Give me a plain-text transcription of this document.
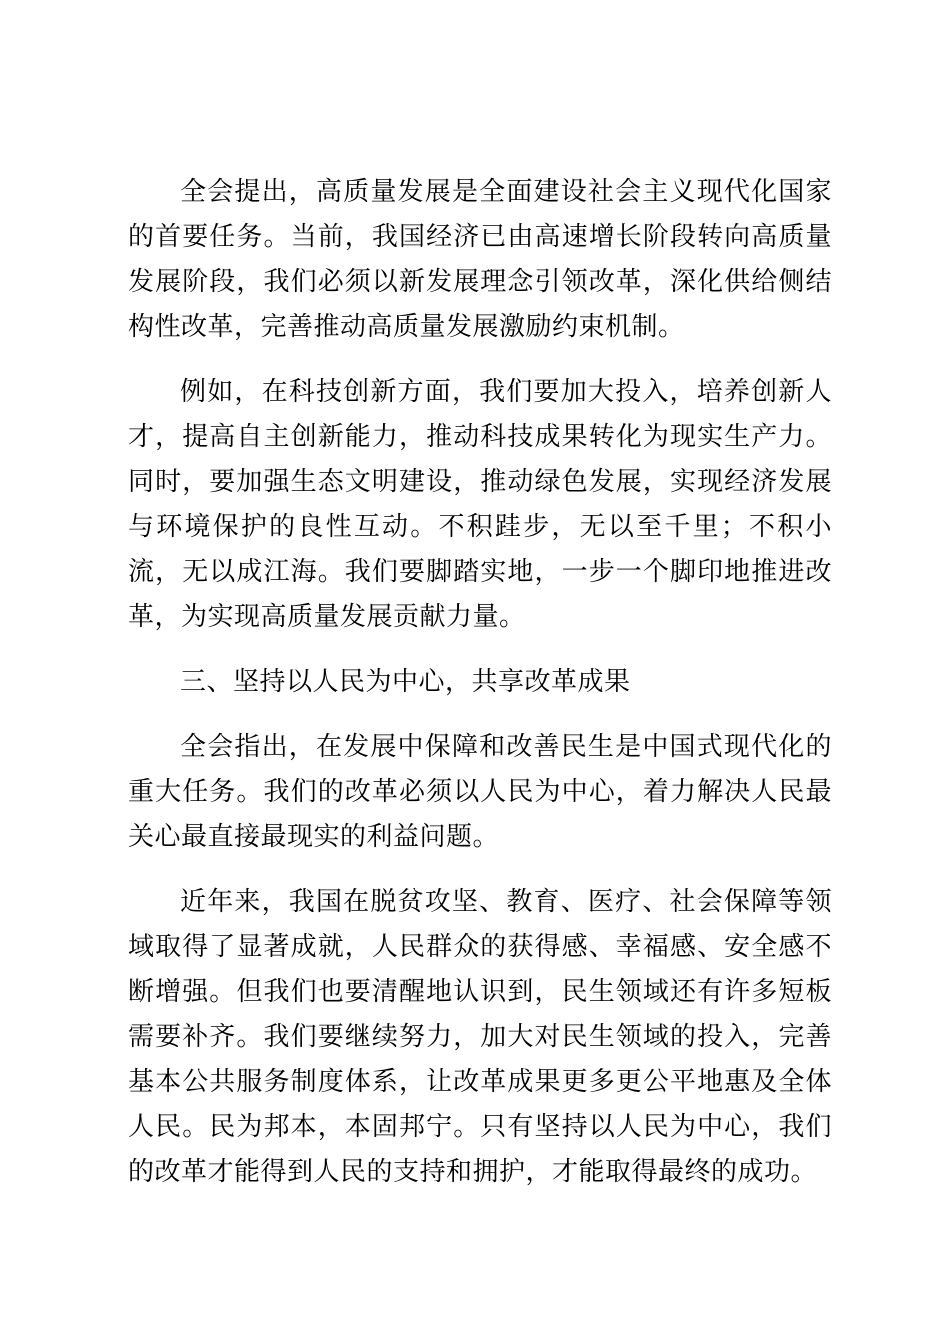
全会提出，高质量发展是全面建设社会主义现代化国家的首要任务。当前，我国经济已由高速增长阶段转向高质量发展阶段，我们必须以新发展理念引领改革，深化供给侧结构性改革，完善推动高质量发展激励约束机制。

例如，在科技创新方面，我们要加大投入，培养创新人才，提高自主创新能力，推动科技成果转化为现实生产力。同时，要加强生态文明建设，推动绿色发展，实现经济发展与环境保护的良性互动。不积跬步，无以至千里；不积小流，无以成江海。我们要脚踏实地，一步一个脚印地推进改革，为实现高质量发展贡献力量。

三、坚持以人民为中心，共享改革成果

全会指出，在发展中保障和改善民生是中国式现代化的重大任务。我们的改革必须以人民为中心，着力解决人民最关心最直接最现实的利益问题。

近年来，我国在脱贫攻坚、教育、医疗、社会保障等领域取得了显著成就，人民群众的获得感、幸福感、安全感不断增强。但我们也要清醒地认识到，民生领域还有许多短板需要补齐。我们要继续努力，加大对民生领域的投入，完善基本公共服务制度体系，让改革成果更多更公平地惠及全体人民。民为邦本，本固邦宁。只有坚持以人民为中心，我们的改革才能得到人民的支持和拥护，才能取得最终的成功。
